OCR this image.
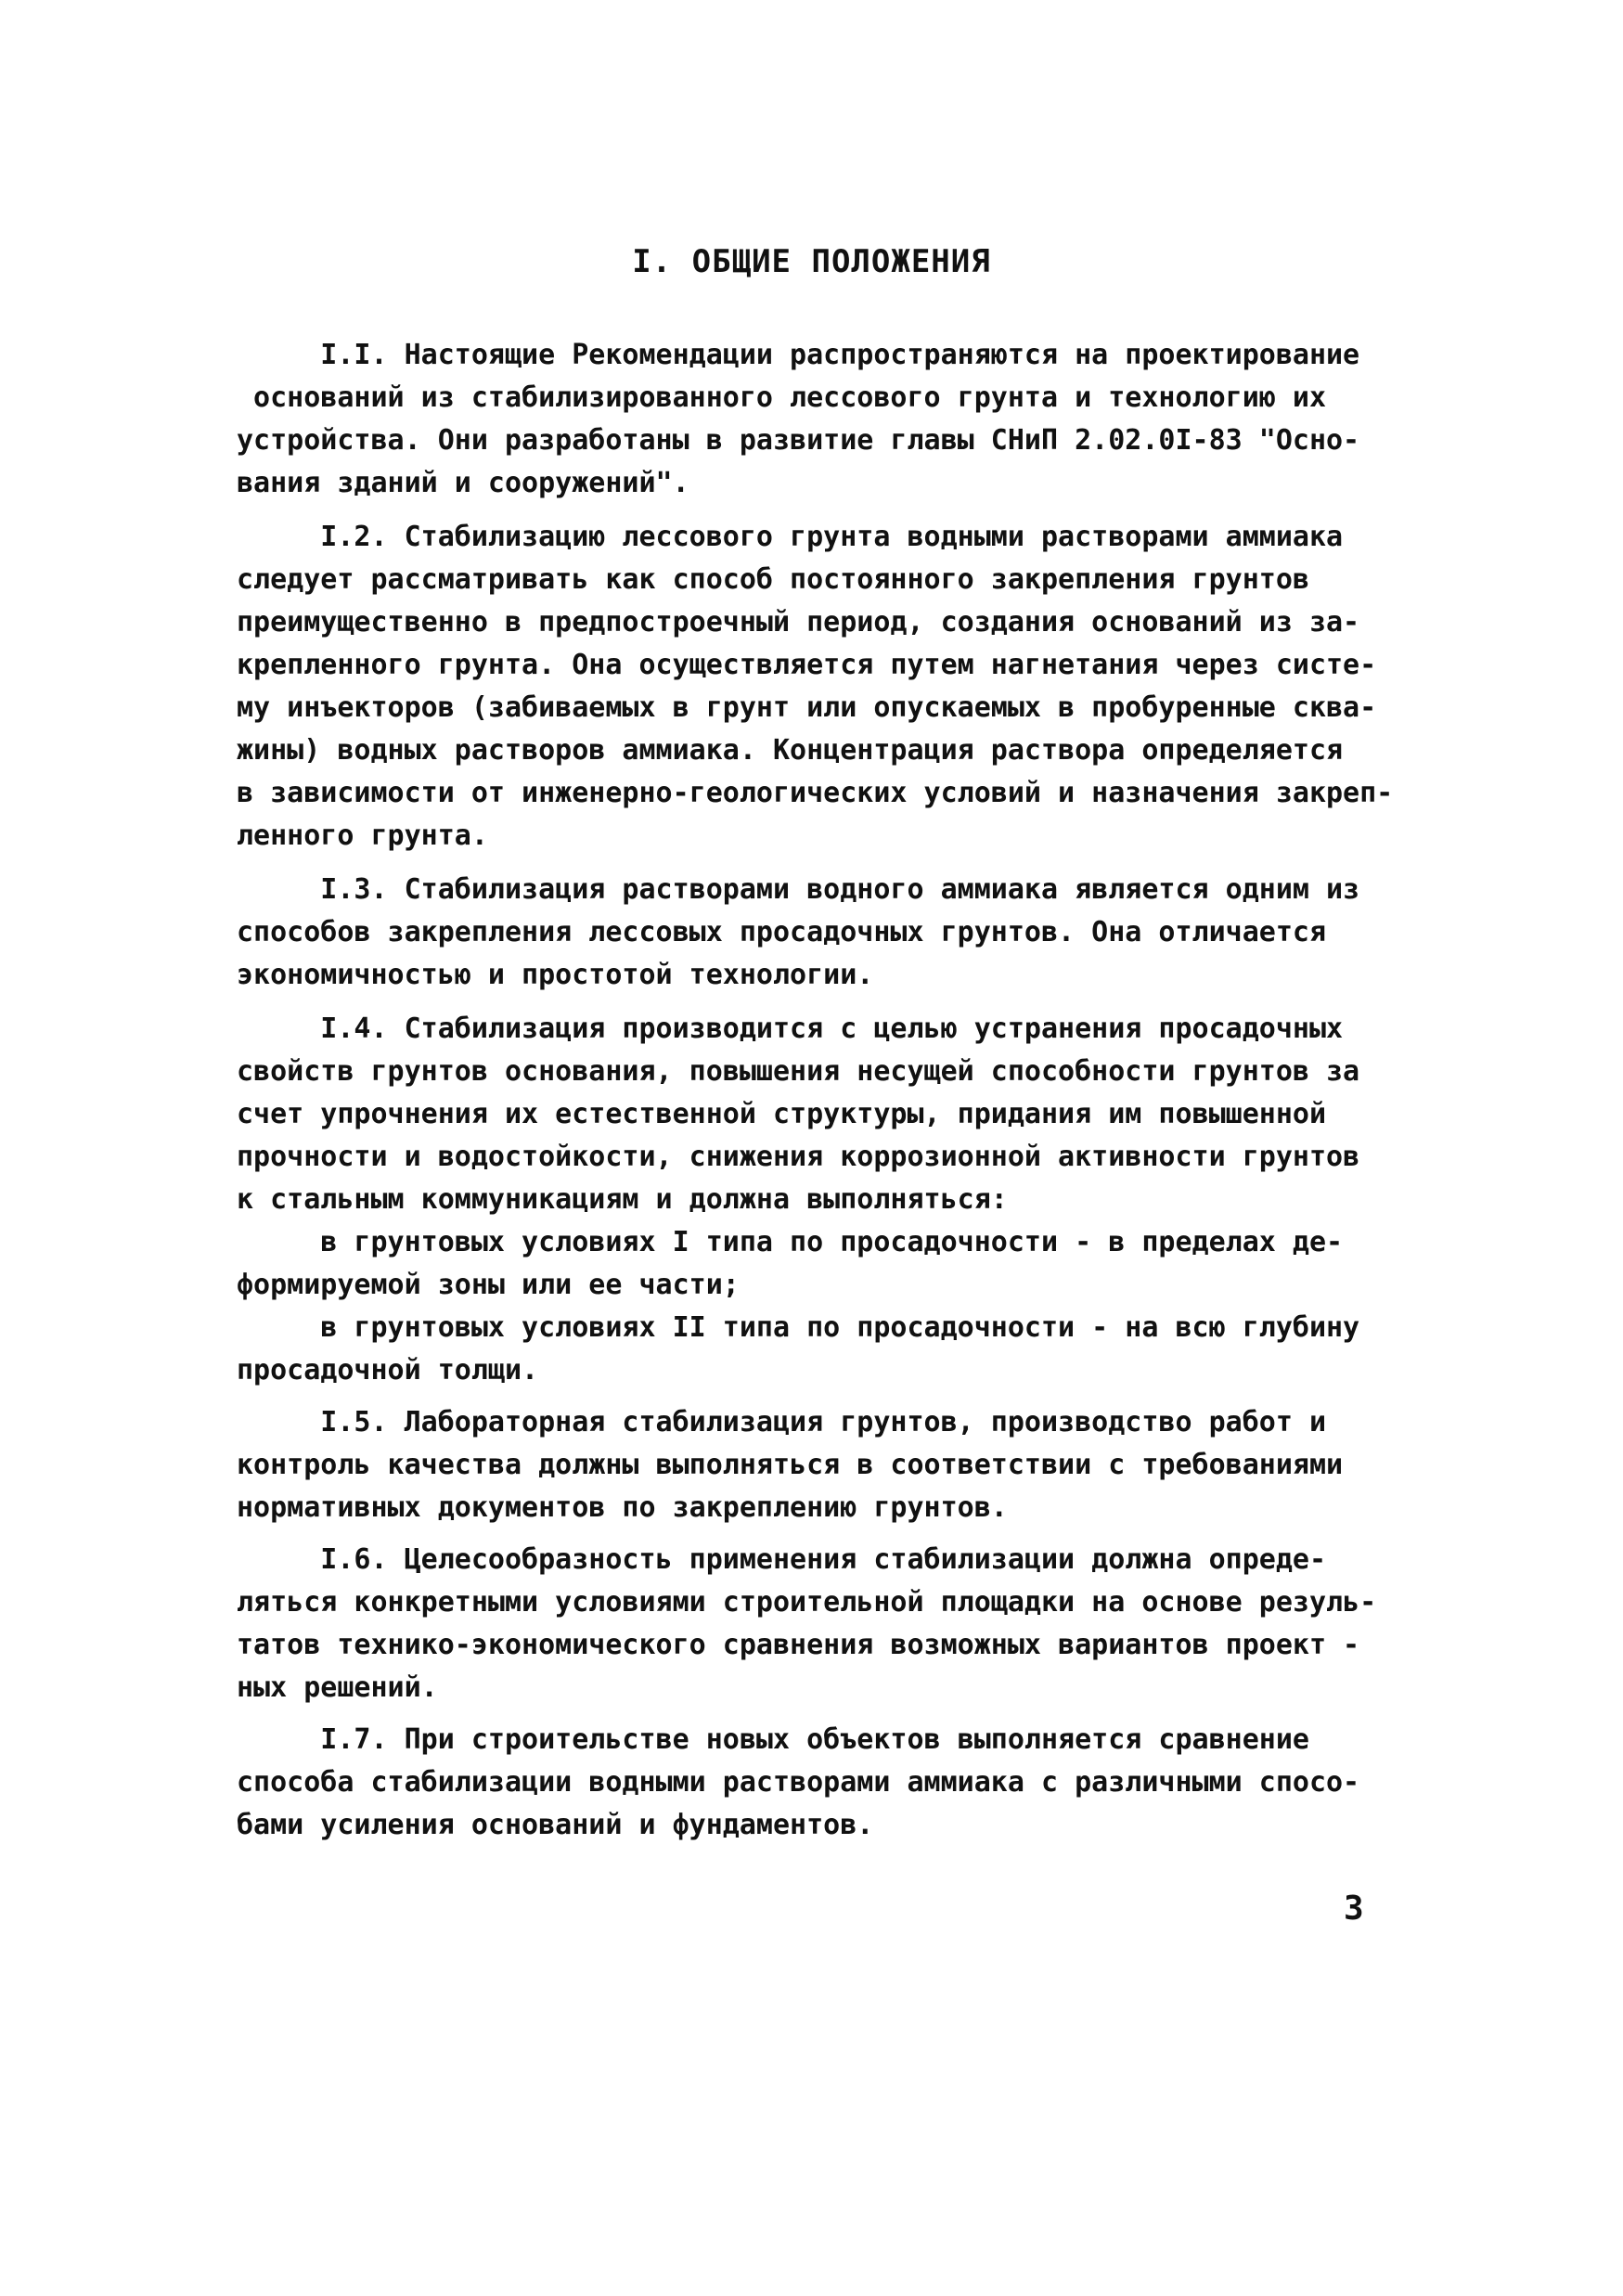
I. ОБЩИЕ ПОЛОЖЕНИЯ
I.I. Настоящие Рекомендации распространяются на проектирование
оснований из стабилизированного лессового грунта и технологию их
устройства. Они разработаны в развитие главы СНиП 2.02.0I-83 "Осно-
вания зданий и сооружений".
I.2. Стабилизацию лессового грунта водными растворами аммиака
следует рассматривать как способ постоянного закрепления грунтов
преимущественно в предпостроечный период, создания оснований из за-
крепленного грунта. Она осуществляется путем нагнетания через систе-
му инъекторов (забиваемых в грунт или опускаемых в пробуренные сква-
жины) водных растворов аммиака. Концентрация раствора определяется
в зависимости от инженерно-геологических условий и назначения закреп-
ленного грунта.
I.3. Стабилизация растворами водного аммиака является одним из
способов закрепления лессовых просадочных грунтов. Она отличается
экономичностью и простотой технологии.
I.4. Стабилизация производится с целью устранения просадочных
свойств грунтов основания, повышения несущей способности грунтов за
счет упрочнения их естественной структуры, придания им повышенной
прочности и водостойкости, снижения коррозионной активности грунтов
к стальным коммуникациям и должна выполняться:
в грунтовых условиях I типа по просадочности - в пределах де-
формируемой зоны или ее части;
в грунтовых условиях II типа по просадочности - на всю глубину
просадочной толщи.
I.5. Лабораторная стабилизация грунтов, производство работ и
контроль качества должны выполняться в соответствии с требованиями
нормативных документов по закреплению грунтов.
I.6. Целесообразность применения стабилизации должна опреде-
ляться конкретными условиями строительной площадки на основе резуль-
татов технико-экономического сравнения возможных вариантов проект -
ных решений.
I.7. При строительстве новых объектов выполняется сравнение
способа стабилизации водными растворами аммиака с различными спосо-
бами усиления оснований и фундаментов.
3
